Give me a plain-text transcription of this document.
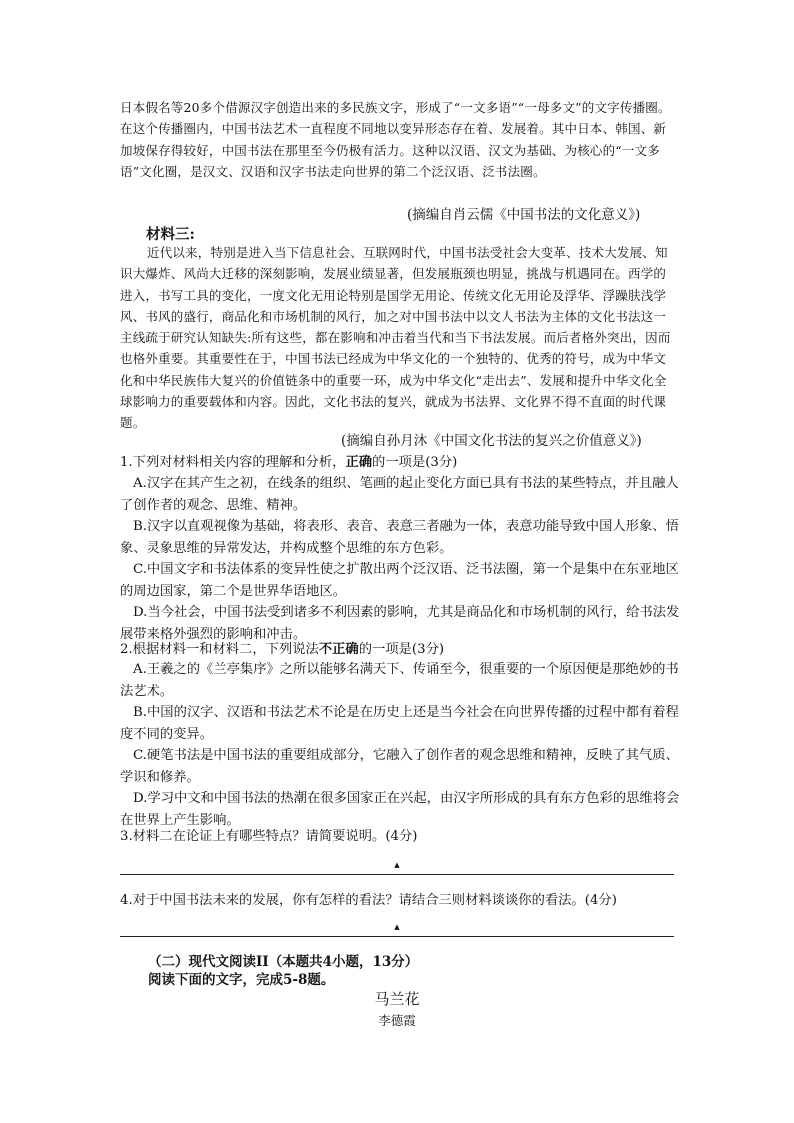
日本假名等20多个借源汉字创造出来的多民族文字，形成了“一文多语”“一母多文”的文字传播圈。在这个传播圈内，中国书法艺术一直程度不同地以变异形态存在着、发展着。其中日本、韩国、新加坡保存得较好，中国书法在那里至今仍极有活力。这种以汉语、汉文为基础、为核心的“一文多语”文化圈，是汉文、汉语和汉字书法走向世界的第二个泛汉语、泛书法圈。
(摘编自肖云儒《中国书法的文化意义》)
材料三:
近代以来，特别是进入当下信息社会、互联网时代，中国书法受社会大变革、技术大发展、知识大爆炸、风尚大迁移的深刻影响，发展业绩显著，但发展瓶颈也明显，挑战与机遇同在。西学的进入，书写工具的变化，一度文化无用论特别是国学无用论、传统文化无用论及浮华、浮躁肤浅学风、书风的盛行，商品化和市场机制的风行，加之对中国书法中以文人书法为主体的文化书法这一主线疏于研究认知缺失:所有这些，都在影响和冲击着当代和当下书法发展。而后者格外突出，因而也格外重要。其重要性在于，中国书法已经成为中华文化的一个独特的、优秀的符号，成为中华文化和中华民族伟大复兴的价值链条中的重要一环，成为中华文化“走出去”、发展和提升中华文化全球影响力的重要载体和内容。因此，文化书法的复兴，就成为书法界、文化界不得不直面的时代课题。
(摘编自孙月沐《中国文化书法的复兴之价值意义》)
1.下列对材料相关内容的理解和分析，正确的一项是(3分)

A.汉字在其产生之初，在线条的组织、笔画的起止变化方面已具有书法的某些特点，并且融人了创作者的观念、思维、精神。

B.汉字以直观视像为基础，将表形、表音、表意三者融为一体，表意功能导致中国人形象、悟象、灵象思维的异常发达，并构成整个思维的东方色彩。

C.中国文字和书法体系的变异性使之扩散出两个泛汉语、泛书法圈，第一个是集中在东亚地区的周边国家，第二个是世界华语地区。

D.当今社会，中国书法受到诸多不利因素的影响，尤其是商品化和市场机制的风行，给书法发展带来格外强烈的影响和冲击。

2.根据材料一和材料二，下列说法不正确的一项是(3分)

A.王羲之的《兰亭集序》之所以能够名满天下、传诵至今，很重要的一个原因便是那绝妙的书法艺术。

B.中国的汉字、汉语和书法艺术不论是在历史上还是当今社会在向世界传播的过程中都有着程度不同的变异。

C.硬笔书法是中国书法的重要组成部分，它融入了创作者的观念思维和精神，反映了其气质、学识和修养。

D.学习中文和中国书法的热潮在很多国家正在兴起，由汉字所形成的具有东方色彩的思维将会在世界上产生影响。

3.材料二在论证上有哪些特点？请简要说明。(4分)
▲
4.对于中国书法未来的发展，你有怎样的看法？请结合三则材料谈谈你的看法。(4分)
▲
（二）现代文阅读II（本题共4小题，13分）
阅读下面的文字，完成5-8题。
马兰花
李德霞
